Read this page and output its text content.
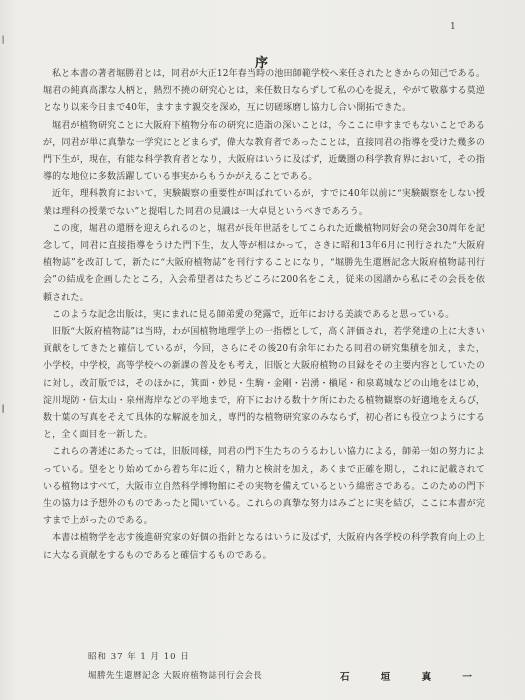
┃
┃
1
序

私と本書の著者堀勝君とは，同君が大正12年春当時の池田師範学校へ来任されたときからの知己である。堀君の純真高潔な人柄と，熱烈不撓の研究心とは，来任数日ならずして私の心を捉え，やがて敬慕する莫逆となり以来今日まで40年，ますます親交を深め，互に切磋琢磨し協力し合い開拓できた。

堀君が植物研究ことに大阪府下植物分布の研究に造詣の深いことは，今ここに申すまでもないことであるが，同君が単に真摯な一学究にとどまらず，偉大な教育者であったことは，直接同君の指導を受けた幾多の門下生が，現在，有能な科学教育者となり，大阪府はいうに及ばず，近畿圏の科学教育界において，その指導的な地位に多数活躍している事実からもうかがえることである。

近年，理科教育において，実験観察の重要性が叫ばれているが，すでに40年以前に“実験観察をしない授業は理科の授業でない”と提唱した同君の見識は一大卓見というべきであろう。

この度，堀君の還暦を迎えられるのと，堀君が長年世話をしてこられた近畿植物同好会の発会30周年を記念して，同君に直接指導をうけた門下生，友人等が相はかって，さきに昭和13年6月に刊行された“大阪府植物誌”を改訂して，新たに“大阪府植物誌”を刊行することになり，“堀勝先生還暦記念大阪府植物誌刊行会”の結成を企画したところ，入会希望者はたちどころに200名をこえ，従来の図譜から私にその会長を依頼された。

このような記念出版は，実にまれに見る師弟愛の発露で，近年における美談であると思っている。

旧版“大阪府植物誌”は当時，わが国植物地理学上の一指標として，高く評価され，若学発達の上に大きい貢献をしてきたと確信しているが，今回，さらにその後20有余年にわたる同君の研究集積を加え，また，小学校，中学校，高等学校への新課の普及をも考え，旧版と大阪府植物の目録をその主要内容としていたのに対し，改訂版では，そのほかに，箕面・妙見・生駒・金剛・岩湧・槇尾・和泉葛城などの山地をはじめ，淀川堤防・信太山・泉州海岸などの平地まで，府下における数十ケ所にわたる植物観察の好適地をえらび，数十葉の写真をそえて具体的な解説を加え，専門的な植物研究家のみならず，初心者にも役立つようにすると，全く面目を一新した。

これらの著述にあたっては，旧版同様，同君の門下生たちのうるわしい協力による，師弟一如の努力によっている。望をとり始めてから着ち年に近く，精力と検討を加え，あくまで正確を期し，これに記載されている植物はすべて，大阪市立自然科学博物館にその実物を備えているという綿密さである。このための門下生の協力は予想外のものであったと聞いている。これらの真摯な努力はみごとに実を結び，ここに本書が完すまで上がったのである。

本書は植物学を志す後進研究家の好個の指針となるはいうに及ばず，大阪府内各学校の科学教育向上の上に大なる貢献をするものであると確信するものである。

昭和 37 年 1 月 10 日
堀勝先生還暦記念 大阪府植物誌刊行会会長	石 垣 真 一
